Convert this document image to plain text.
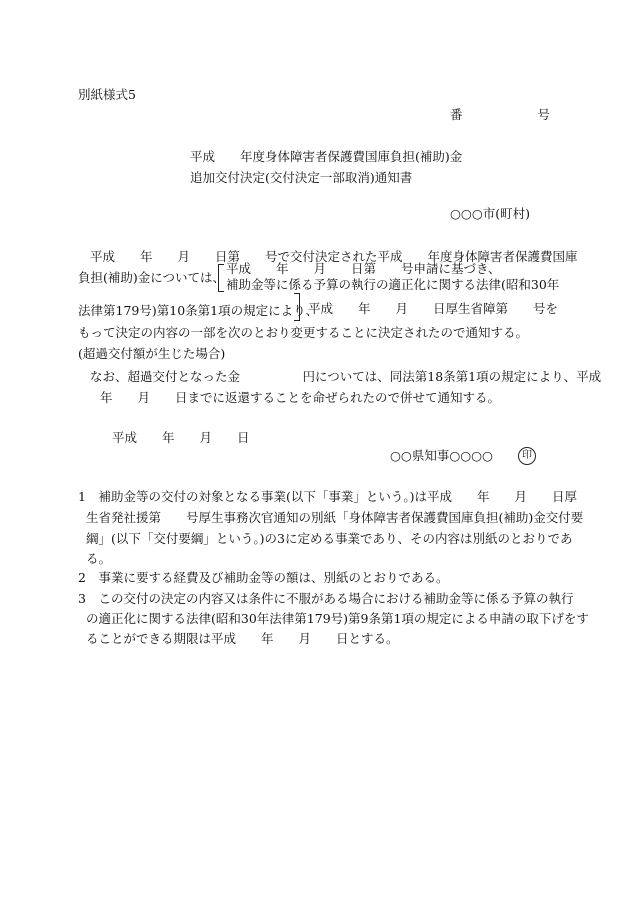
別紙様式5
番　　　　　　号
平成　　年度身体障害者保護費国庫負担(補助)金
追加交付決定(交付決定一部取消)通知書
○○○市(町村)
平成　　年　　月　　日第　　号で交付決定された平成　　年度身体障害者保護費国庫
負担(補助)金については、
平成　　年　　月　　日第　　号申請に基づき、
補助金等に係る予算の執行の適正化に関する法律(昭和30年
法律第179号)第10条第1項の規定により、
平成　　年　　月　　日厚生省障第　　号を
もって決定の内容の一部を次のとおり変更することに決定されたので通知する。
(超過交付額が生じた場合)
なお、超過交付となった金　　　　　円については、同法第18条第1項の規定により、平成
年　　月　　日までに返還することを命ぜられたので併せて通知する。
平成　　年　　月　　日
○○県知事○○○○	印
1　補助金等の交付の対象となる事業(以下「事業」という。)は平成　　年　　月　　日厚
生省発社援第　　号厚生事務次官通知の別紙「身体障害者保護費国庫負担(補助)金交付要
綱」(以下「交付要綱」という。)の3に定める事業であり、その内容は別紙のとおりであ
る。
2　事業に要する経費及び補助金等の額は、別紙のとおりである。
3　この交付の決定の内容又は条件に不服がある場合における補助金等に係る予算の執行
の適正化に関する法律(昭和30年法律第179号)第9条第1項の規定による申請の取下げをす
ることができる期限は平成　　年　　月　　日とする。
